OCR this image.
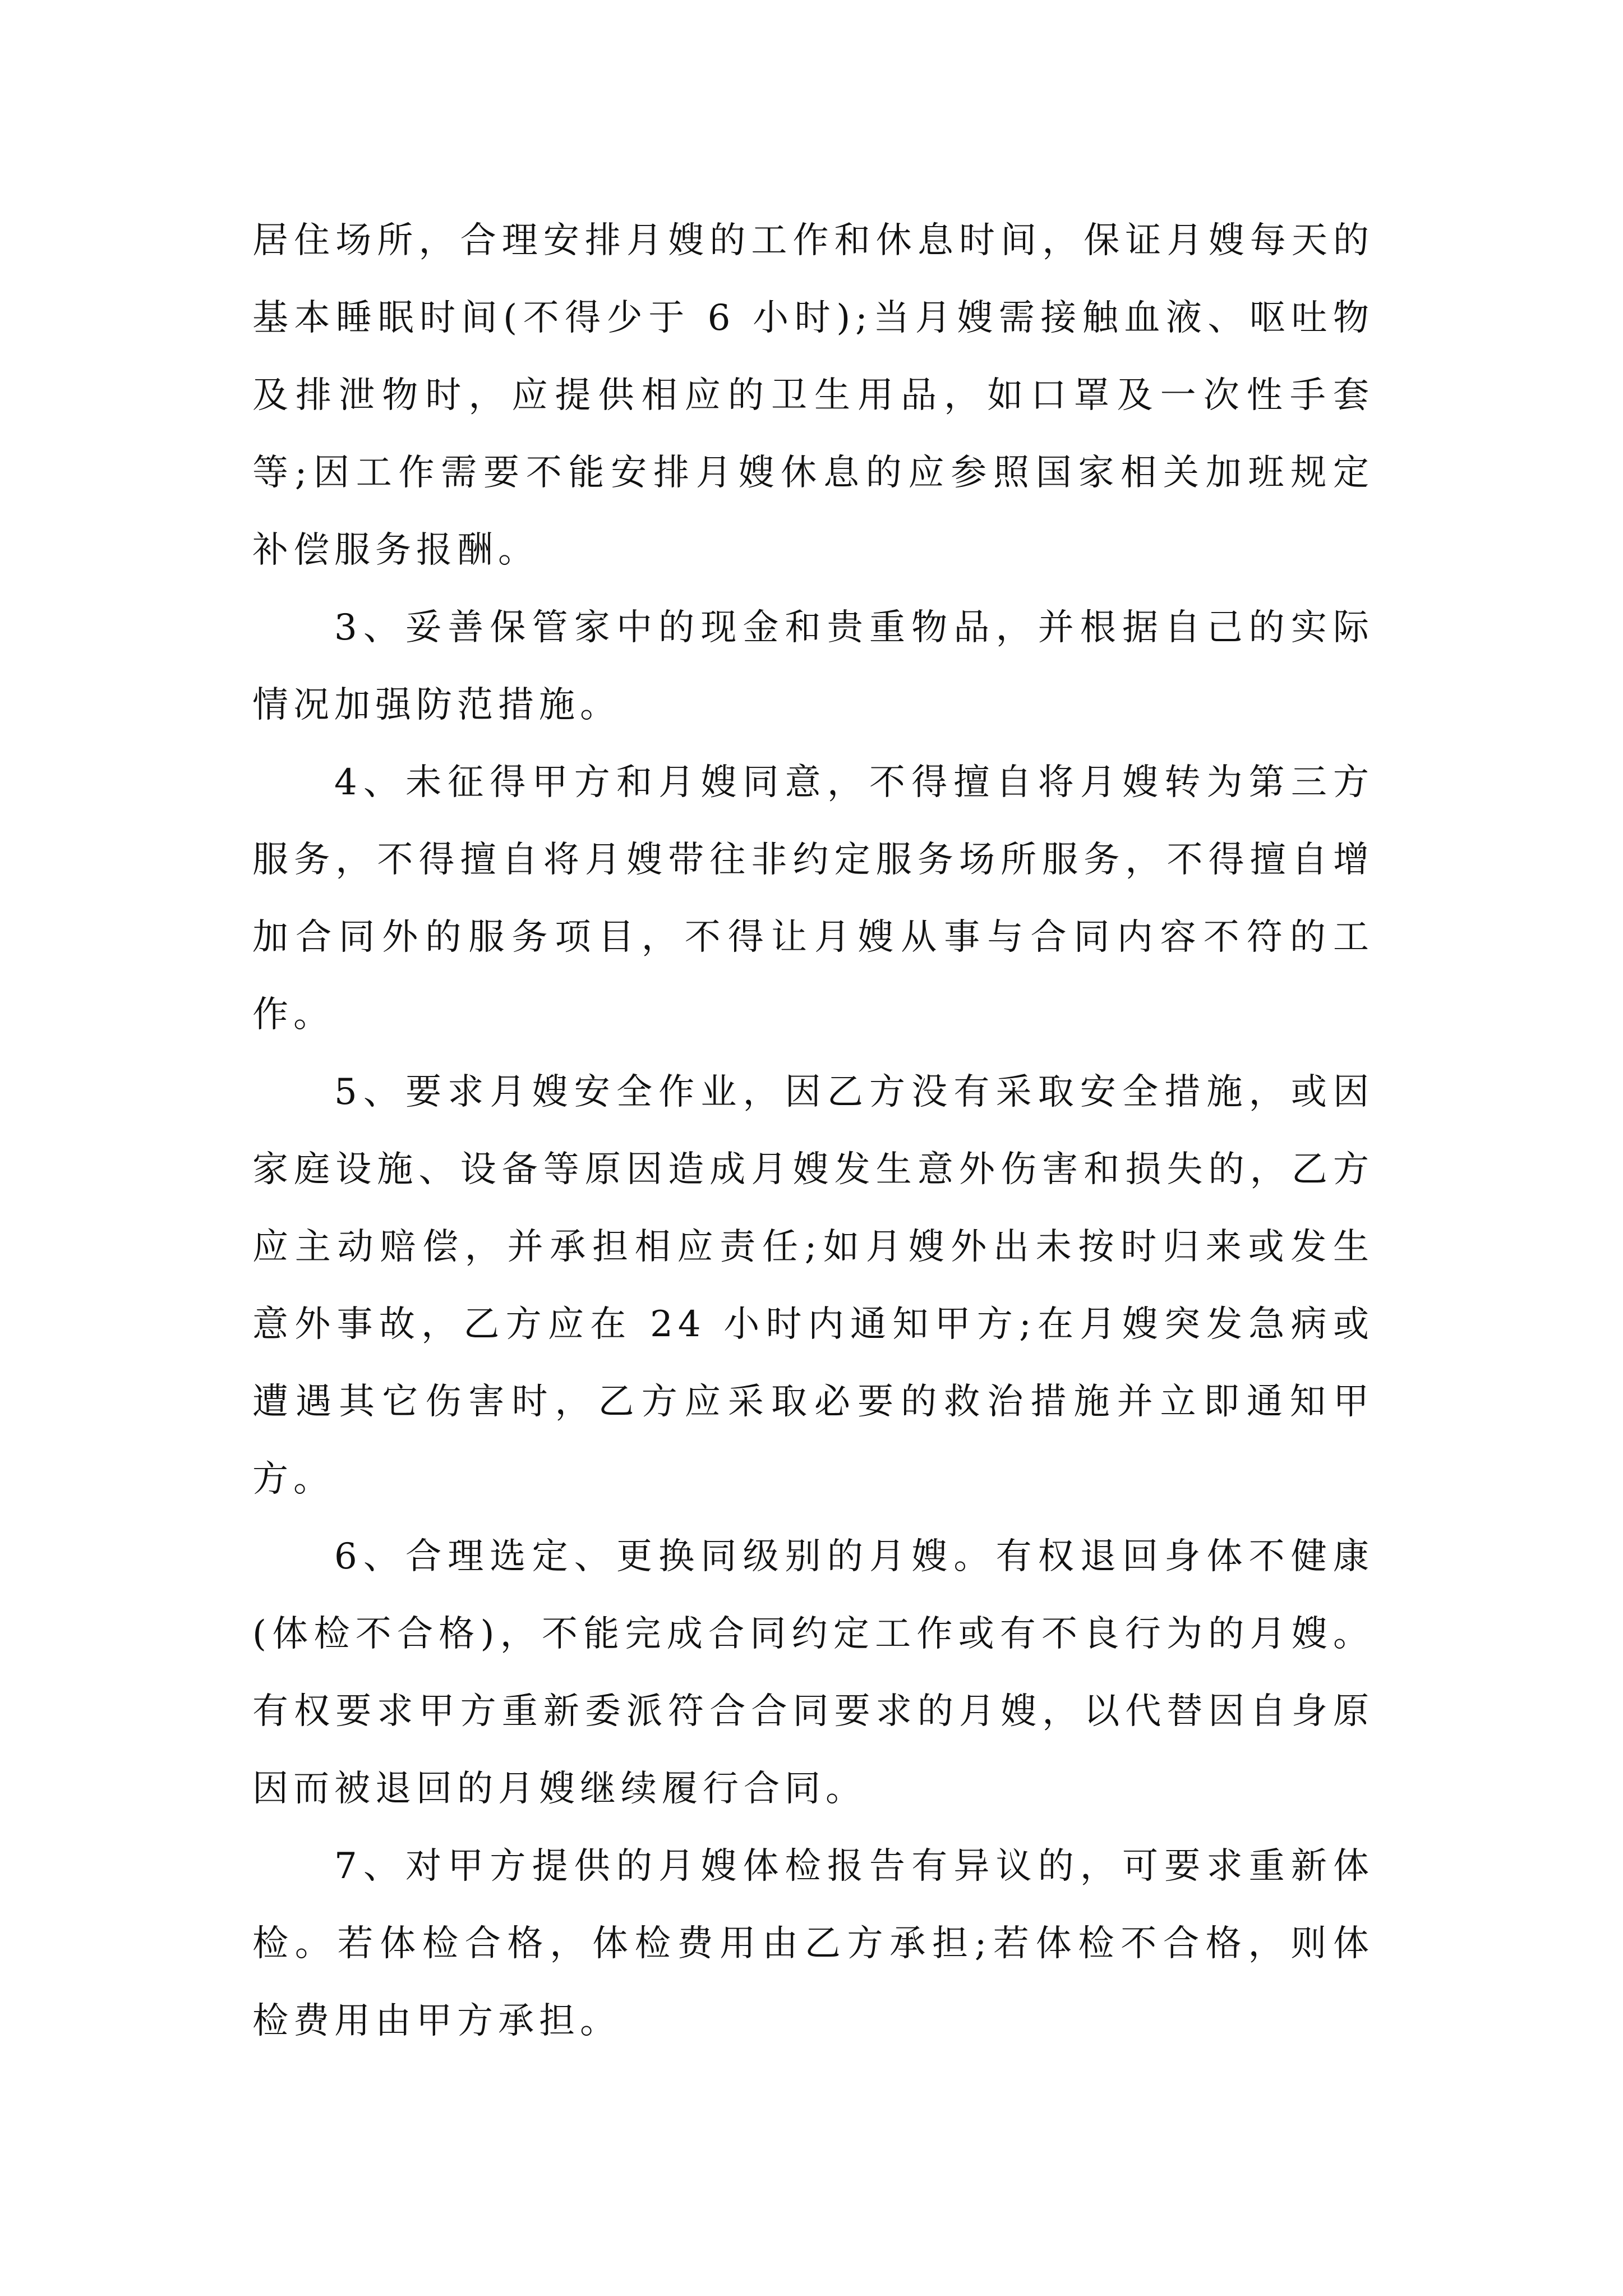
居住场所，合理安排月嫂的工作和休息时间，保证月嫂每天的基本睡眠时间(不得少于 6 小时);当月嫂需接触血液、呕吐物及排泄物时，应提供相应的卫生用品，如口罩及一次性手套等;因工作需要不能安排月嫂休息的应参照国家相关加班规定补偿服务报酬。

3、妥善保管家中的现金和贵重物品，并根据自己的实际情况加强防范措施。

4、未征得甲方和月嫂同意，不得擅自将月嫂转为第三方服务，不得擅自将月嫂带往非约定服务场所服务，不得擅自增加合同外的服务项目，不得让月嫂从事与合同内容不符的工作。

5、要求月嫂安全作业，因乙方没有采取安全措施，或因家庭设施、设备等原因造成月嫂发生意外伤害和损失的，乙方应主动赔偿，并承担相应责任;如月嫂外出未按时归来或发生意外事故，乙方应在 24 小时内通知甲方;在月嫂突发急病或遭遇其它伤害时，乙方应采取必要的救治措施并立即通知甲方。

6、合理选定、更换同级别的月嫂。有权退回身体不健康(体检不合格)，不能完成合同约定工作或有不良行为的月嫂。有权要求甲方重新委派符合合同要求的月嫂，以代替因自身原因而被退回的月嫂继续履行合同。

7、对甲方提供的月嫂体检报告有异议的，可要求重新体检。若体检合格，体检费用由乙方承担;若体检不合格，则体检费用由甲方承担。
